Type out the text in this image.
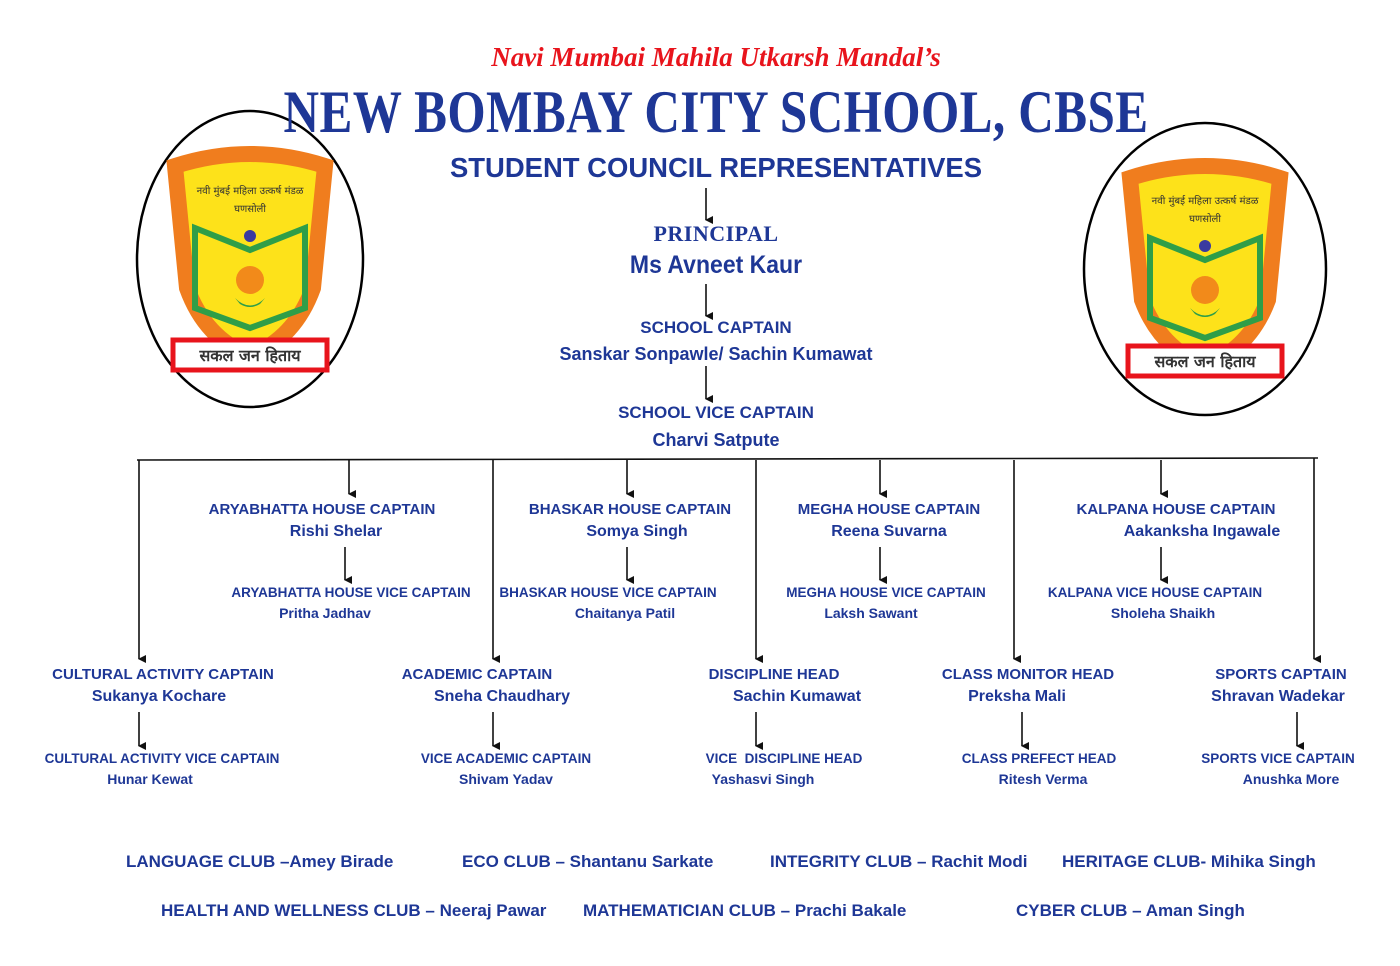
सकल जन हिताय
नवी मुंबई महिला उत्कर्ष मंडळ
घणसोली
सकल जन हिताय
नवी मुंबई महिला उत्कर्ष मंडळ
घणसोली
Navi Mumbai Mahila Utkarsh Mandal’s
NEW BOMBAY CITY SCHOOL, CBSE
STUDENT COUNCIL REPRESENTATIVES
PRINCIPAL
Ms Avneet Kaur
SCHOOL CAPTAIN
Sanskar Sonpawle/ Sachin Kumawat
SCHOOL VICE CAPTAIN
Charvi Satpute
ARYABHATTA HOUSE CAPTAIN
Rishi Shelar
ARYABHATTA HOUSE VICE CAPTAIN
Pritha Jadhav
BHASKAR HOUSE CAPTAIN
Somya Singh
BHASKAR HOUSE VICE CAPTAIN
Chaitanya Patil
MEGHA HOUSE CAPTAIN
Reena Suvarna
MEGHA HOUSE VICE CAPTAIN
Laksh Sawant
KALPANA HOUSE CAPTAIN
Aakanksha Ingawale
KALPANA VICE HOUSE CAPTAIN
Sholeha Shaikh
CULTURAL ACTIVITY CAPTAIN
Sukanya Kochare
CULTURAL ACTIVITY VICE CAPTAIN
Hunar Kewat
ACADEMIC CAPTAIN
Sneha Chaudhary
VICE ACADEMIC CAPTAIN
Shivam Yadav
DISCIPLINE HEAD
Sachin Kumawat
VICE  DISCIPLINE HEAD
Yashasvi Singh
CLASS MONITOR HEAD
Preksha Mali
CLASS PREFECT HEAD
Ritesh Verma
SPORTS CAPTAIN
Shravan Wadekar
SPORTS VICE CAPTAIN
Anushka More
LANGUAGE CLUB –Amey Birade	ECO CLUB – Shantanu Sarkate	INTEGRITY CLUB – Rachit Modi HERITAGE CLUB- Mihika Singh
HEALTH AND WELLNESS CLUB – Neeraj Pawar MATHEMATICIAN CLUB – Prachi Bakale	CYBER CLUB – Aman Singh
